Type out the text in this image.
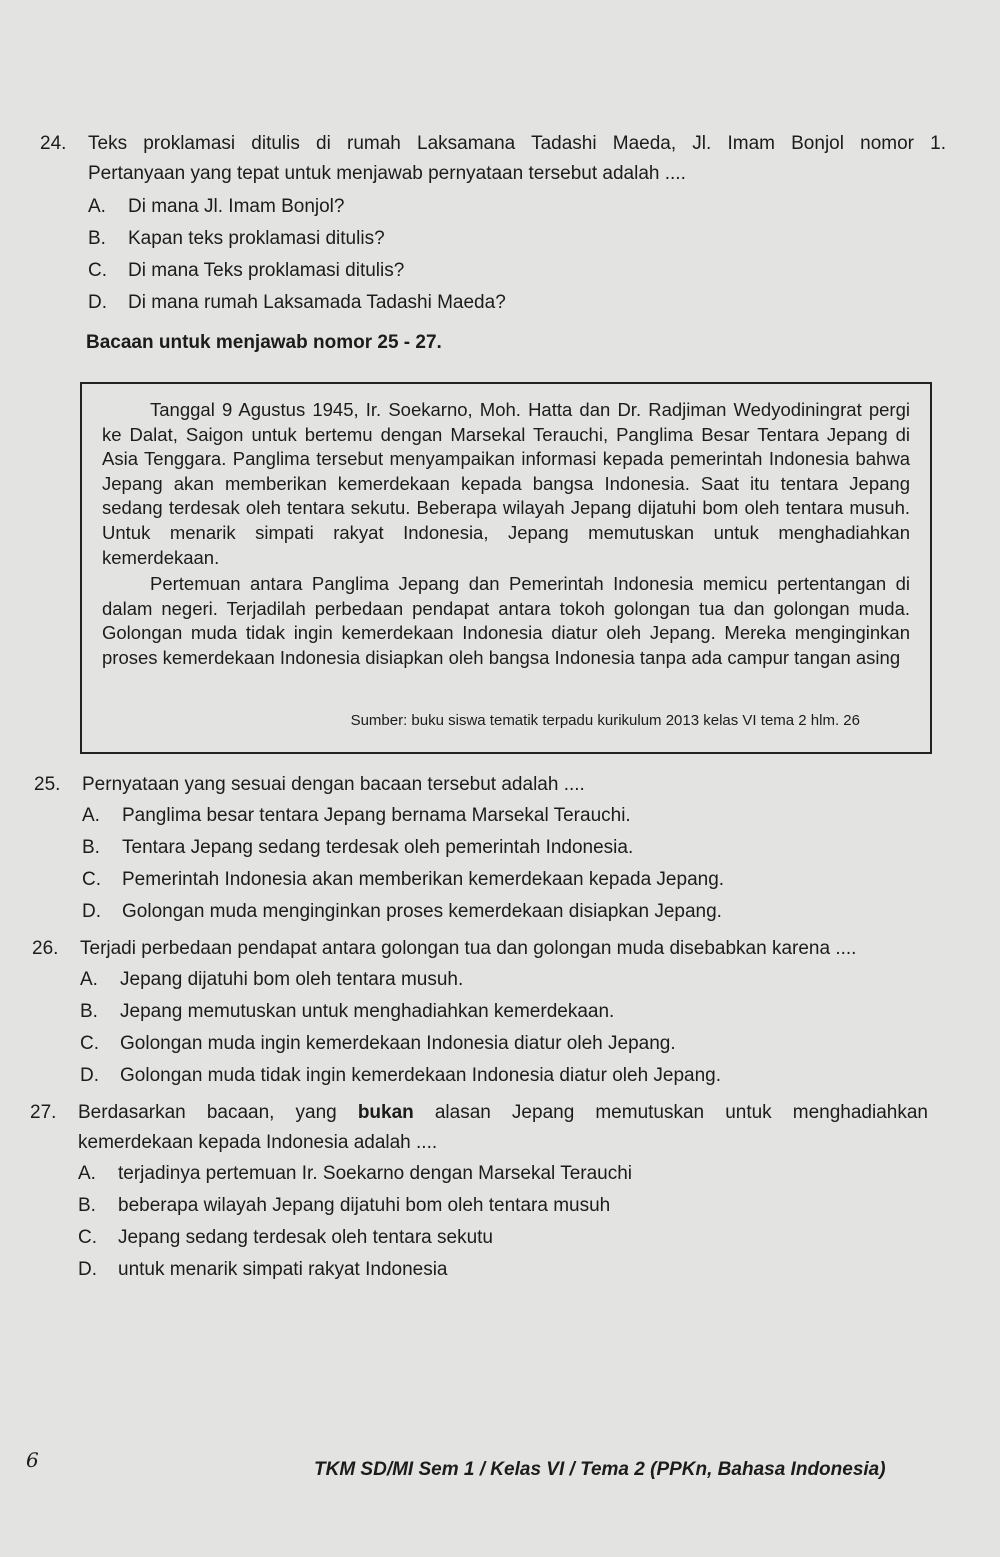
24.	Teks proklamasi ditulis di rumah Laksamana Tadashi Maeda, Jl. Imam Bonjol nomor 1.
Pertanyaan yang tepat untuk menjawab pernyataan tersebut adalah ....
A. Di mana Jl. Imam Bonjol?
B. Kapan teks proklamasi ditulis?
C. Di mana Teks proklamasi ditulis?
D. Di mana rumah Laksamada Tadashi Maeda?
Bacaan untuk menjawab nomor 25 - 27.

Tanggal 9 Agustus 1945, Ir. Soekarno, Moh. Hatta dan Dr. Radjiman Wedyodiningrat pergi ke Dalat, Saigon untuk bertemu dengan Marsekal Terauchi, Panglima Besar Tentara Jepang di Asia Tenggara. Panglima tersebut menyampaikan informasi kepada pemerintah Indonesia bahwa Jepang akan memberikan kemerdekaan kepada bangsa Indonesia. Saat itu tentara Jepang sedang terdesak oleh tentara sekutu. Beberapa wilayah Jepang dijatuhi bom oleh tentara musuh. Untuk menarik simpati rakyat Indonesia, Jepang memutuskan untuk menghadiahkan kemerdekaan.

Pertemuan antara Panglima Jepang dan Pemerintah Indonesia memicu pertentangan di dalam negeri. Terjadilah perbedaan pendapat antara tokoh golongan tua dan golongan muda. Golongan muda tidak ingin kemerdekaan Indonesia diatur oleh Jepang. Mereka menginginkan proses kemerdekaan Indonesia disiapkan oleh bangsa Indonesia tanpa ada campur tangan asing

Sumber: buku siswa tematik terpadu kurikulum 2013 kelas VI tema 2 hlm. 26
25.	Pernyataan yang sesuai dengan bacaan tersebut adalah ....
A. Panglima besar tentara Jepang bernama Marsekal Terauchi.
B. Tentara Jepang sedang terdesak oleh pemerintah Indonesia.
C. Pemerintah Indonesia akan memberikan kemerdekaan kepada Jepang.
D. Golongan muda menginginkan proses kemerdekaan disiapkan Jepang.
26.	Terjadi perbedaan pendapat antara golongan tua dan golongan muda disebabkan karena ....
A. Jepang dijatuhi bom oleh tentara musuh.
B. Jepang memutuskan untuk menghadiahkan kemerdekaan.
C. Golongan muda ingin kemerdekaan Indonesia diatur oleh Jepang.
D. Golongan muda tidak ingin kemerdekaan Indonesia diatur oleh Jepang.
27.	Berdasarkan bacaan, yang bukan alasan Jepang memutuskan untuk menghadiahkan
kemerdekaan kepada Indonesia adalah ....
A. terjadinya pertemuan Ir. Soekarno dengan Marsekal Terauchi
B. beberapa wilayah Jepang dijatuhi bom oleh tentara musuh
C. Jepang sedang terdesak oleh tentara sekutu
D. untuk menarik simpati rakyat Indonesia
6	TKM SD/MI Sem 1 / Kelas VI / Tema 2 (PPKn, Bahasa Indonesia)
